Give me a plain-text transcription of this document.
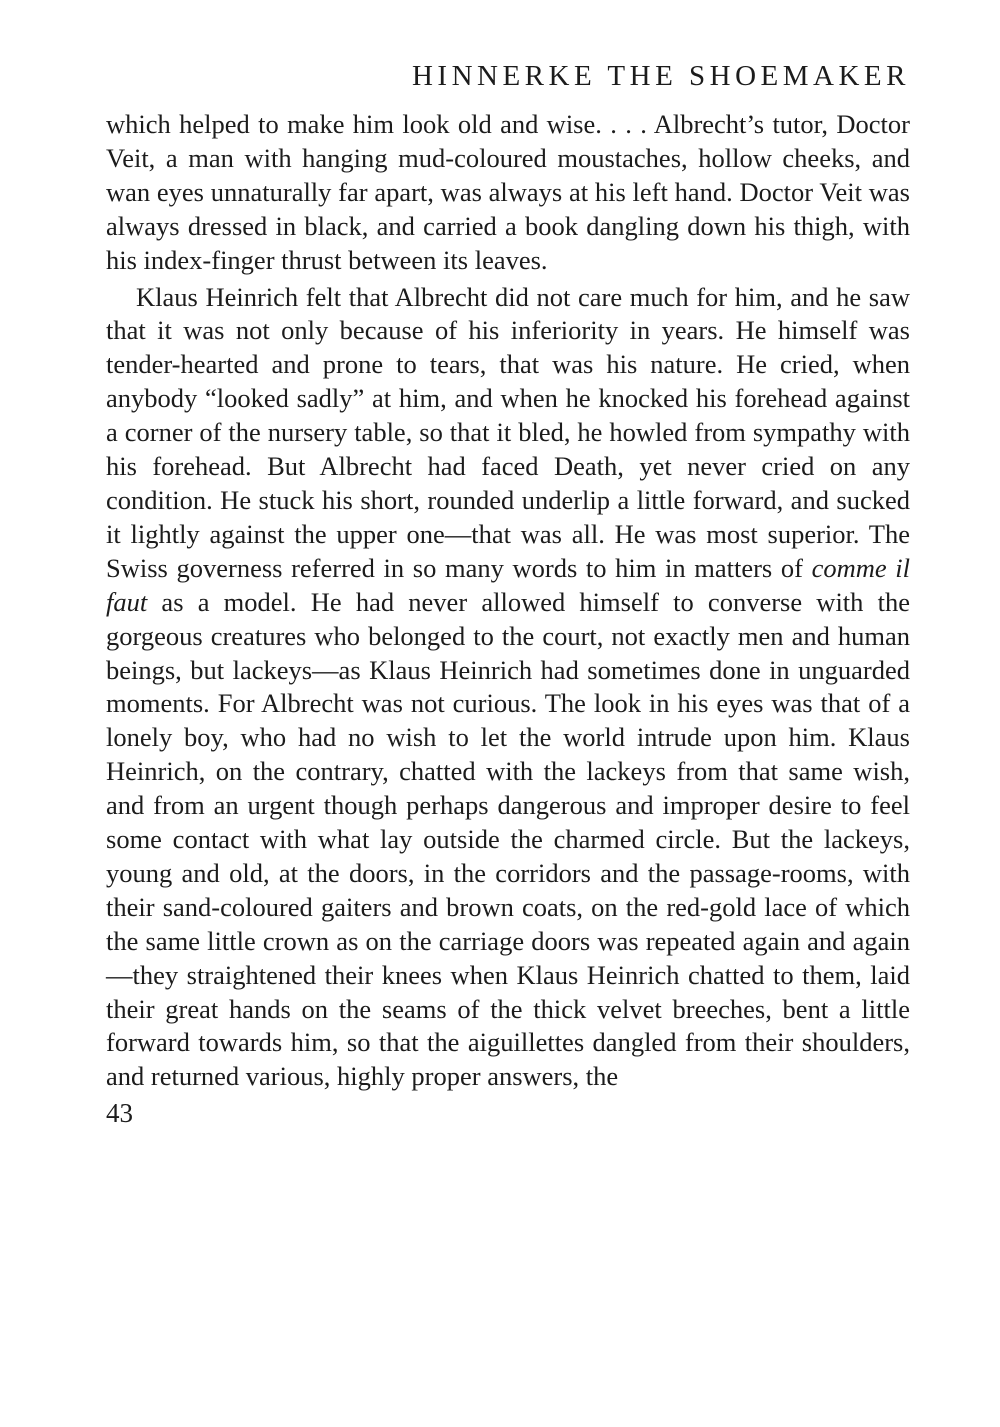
HINNERKE THE SHOEMAKER

which helped to make him look old and wise. . . . Albrecht’s tutor, Doctor Veit, a man with hanging mud-coloured moustaches, hollow cheeks, and wan eyes unnaturally far apart, was always at his left hand. Doctor Veit was always dressed in black, and carried a book dangling down his thigh, with his index-finger thrust between its leaves.

Klaus Heinrich felt that Albrecht did not care much for him, and he saw that it was not only because of his inferiority in years. He himself was tender-hearted and prone to tears, that was his nature. He cried, when anybody “looked sadly” at him, and when he knocked his forehead against a corner of the nursery table, so that it bled, he howled from sympathy with his forehead. But Albrecht had faced Death, yet never cried on any condition. He stuck his short, rounded underlip a little forward, and sucked it lightly against the upper one—that was all. He was most superior. The Swiss governess referred in so many words to him in matters of comme il faut as a model. He had never allowed himself to converse with the gorgeous creatures who belonged to the court, not exactly men and human beings, but lackeys—as Klaus Heinrich had sometimes done in unguarded moments. For Albrecht was not curious. The look in his eyes was that of a lonely boy, who had no wish to let the world intrude upon him. Klaus Heinrich, on the contrary, chatted with the lackeys from that same wish, and from an urgent though perhaps dangerous and improper desire to feel some contact with what lay outside the charmed circle. But the lackeys, young and old, at the doors, in the corridors and the passage-rooms, with their sand-coloured gaiters and brown coats, on the red-gold lace of which the same little crown as on the carriage doors was repeated again and again—they straightened their knees when Klaus Heinrich chatted to them, laid their great hands on the seams of the thick velvet breeches, bent a little forward towards him, so that the aiguillettes dangled from their shoulders, and returned various, highly proper answers, the

43
